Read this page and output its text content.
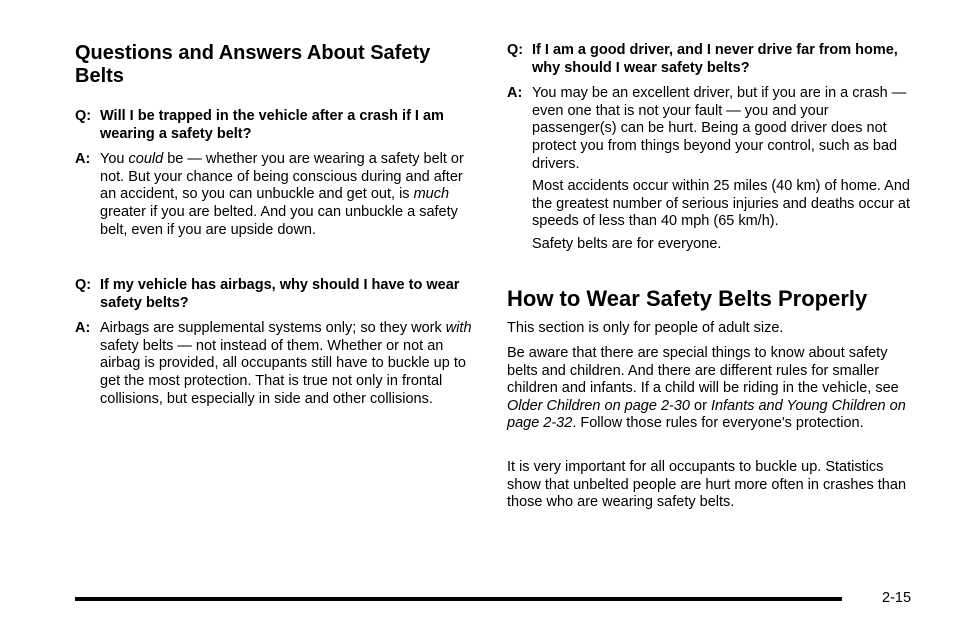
Questions and Answers About Safety Belts
Q: Will I be trapped in the vehicle after a crash if I am wearing a safety belt?
A: You could be — whether you are wearing a safety belt or not. But your chance of being conscious during and after an accident, so you can unbuckle and get out, is much greater if you are belted. And you can unbuckle a safety belt, even if you are upside down.
Q: If my vehicle has airbags, why should I have to wear safety belts?
A: Airbags are supplemental systems only; so they work with safety belts — not instead of them. Whether or not an airbag is provided, all occupants still have to buckle up to get the most protection. That is true not only in frontal collisions, but especially in side and other collisions.
Q: If I am a good driver, and I never drive far from home, why should I wear safety belts?
A: You may be an excellent driver, but if you are in a crash — even one that is not your fault — you and your passenger(s) can be hurt. Being a good driver does not protect you from things beyond your control, such as bad drivers.
Most accidents occur within 25 miles (40 km) of home. And the greatest number of serious injuries and deaths occur at speeds of less than 40 mph (65 km/h).
Safety belts are for everyone.
How to Wear Safety Belts Properly

This section is only for people of adult size.

Be aware that there are special things to know about safety belts and children. And there are different rules for smaller children and infants. If a child will be riding in the vehicle, see Older Children on page 2‑30 or Infants and Young Children on page 2‑32. Follow those rules for everyone's protection.

It is very important for all occupants to buckle up. Statistics show that unbelted people are hurt more often in crashes than those who are wearing safety belts.

2-15
